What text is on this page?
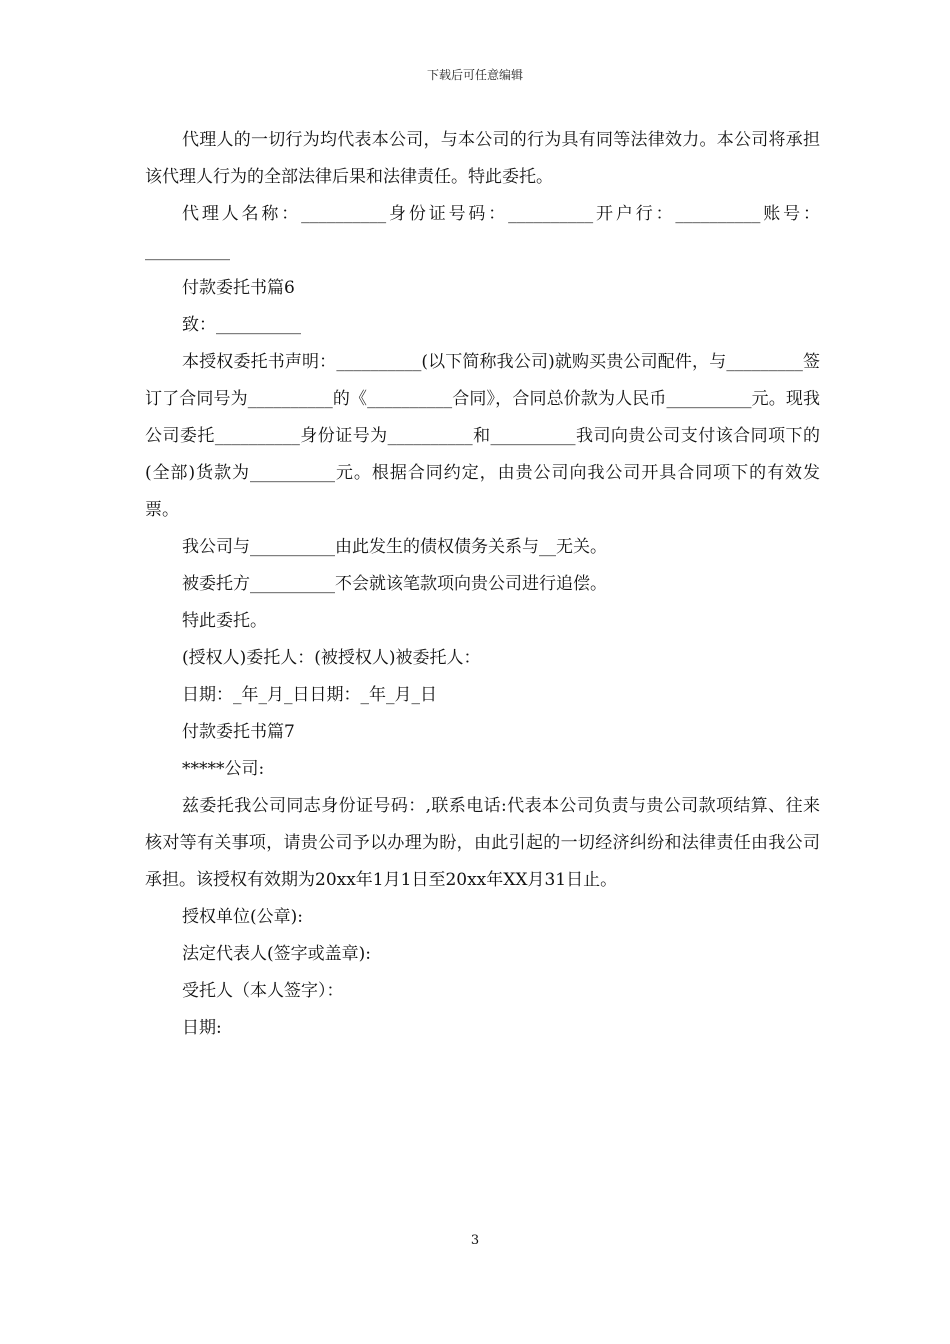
下载后可任意编辑

代理人的一切行为均代表本公司，与本公司的行为具有同等法律效力。本公司将承担该代理人行为的全部法律后果和法律责任。特此委托。

代理人名称：__________身份证号码：__________开户行：__________账号：__________

付款委托书篇6

致：__________

本授权委托书声明：__________(以下简称我公司)就购买贵公司配件，与_________签订了合同号为__________的《__________合同》，合同总价款为人民币__________元。现我公司委托__________身份证号为__________和__________我司向贵公司支付该合同项下的(全部)货款为__________元。根据合同约定，由贵公司向我公司开具合同项下的有效发票。

我公司与__________由此发生的债权债务关系与__无关。

被委托方__________不会就该笔款项向贵公司进行追偿。

特此委托。

(授权人)委托人：(被授权人)被委托人：

日期：_年_月_日日期：_年_月_日

付款委托书篇7

*****公司:

兹委托我公司同志身份证号码：,联系电话:代表本公司负责与贵公司款项结算、往来核对等有关事项，请贵公司予以办理为盼，由此引起的一切经济纠纷和法律责任由我公司承担。该授权有效期为20xx年1月1日至20xx年XX月31日止。

授权单位(公章):

法定代表人(签字或盖章):

受托人（本人签字）：

日期:

3
